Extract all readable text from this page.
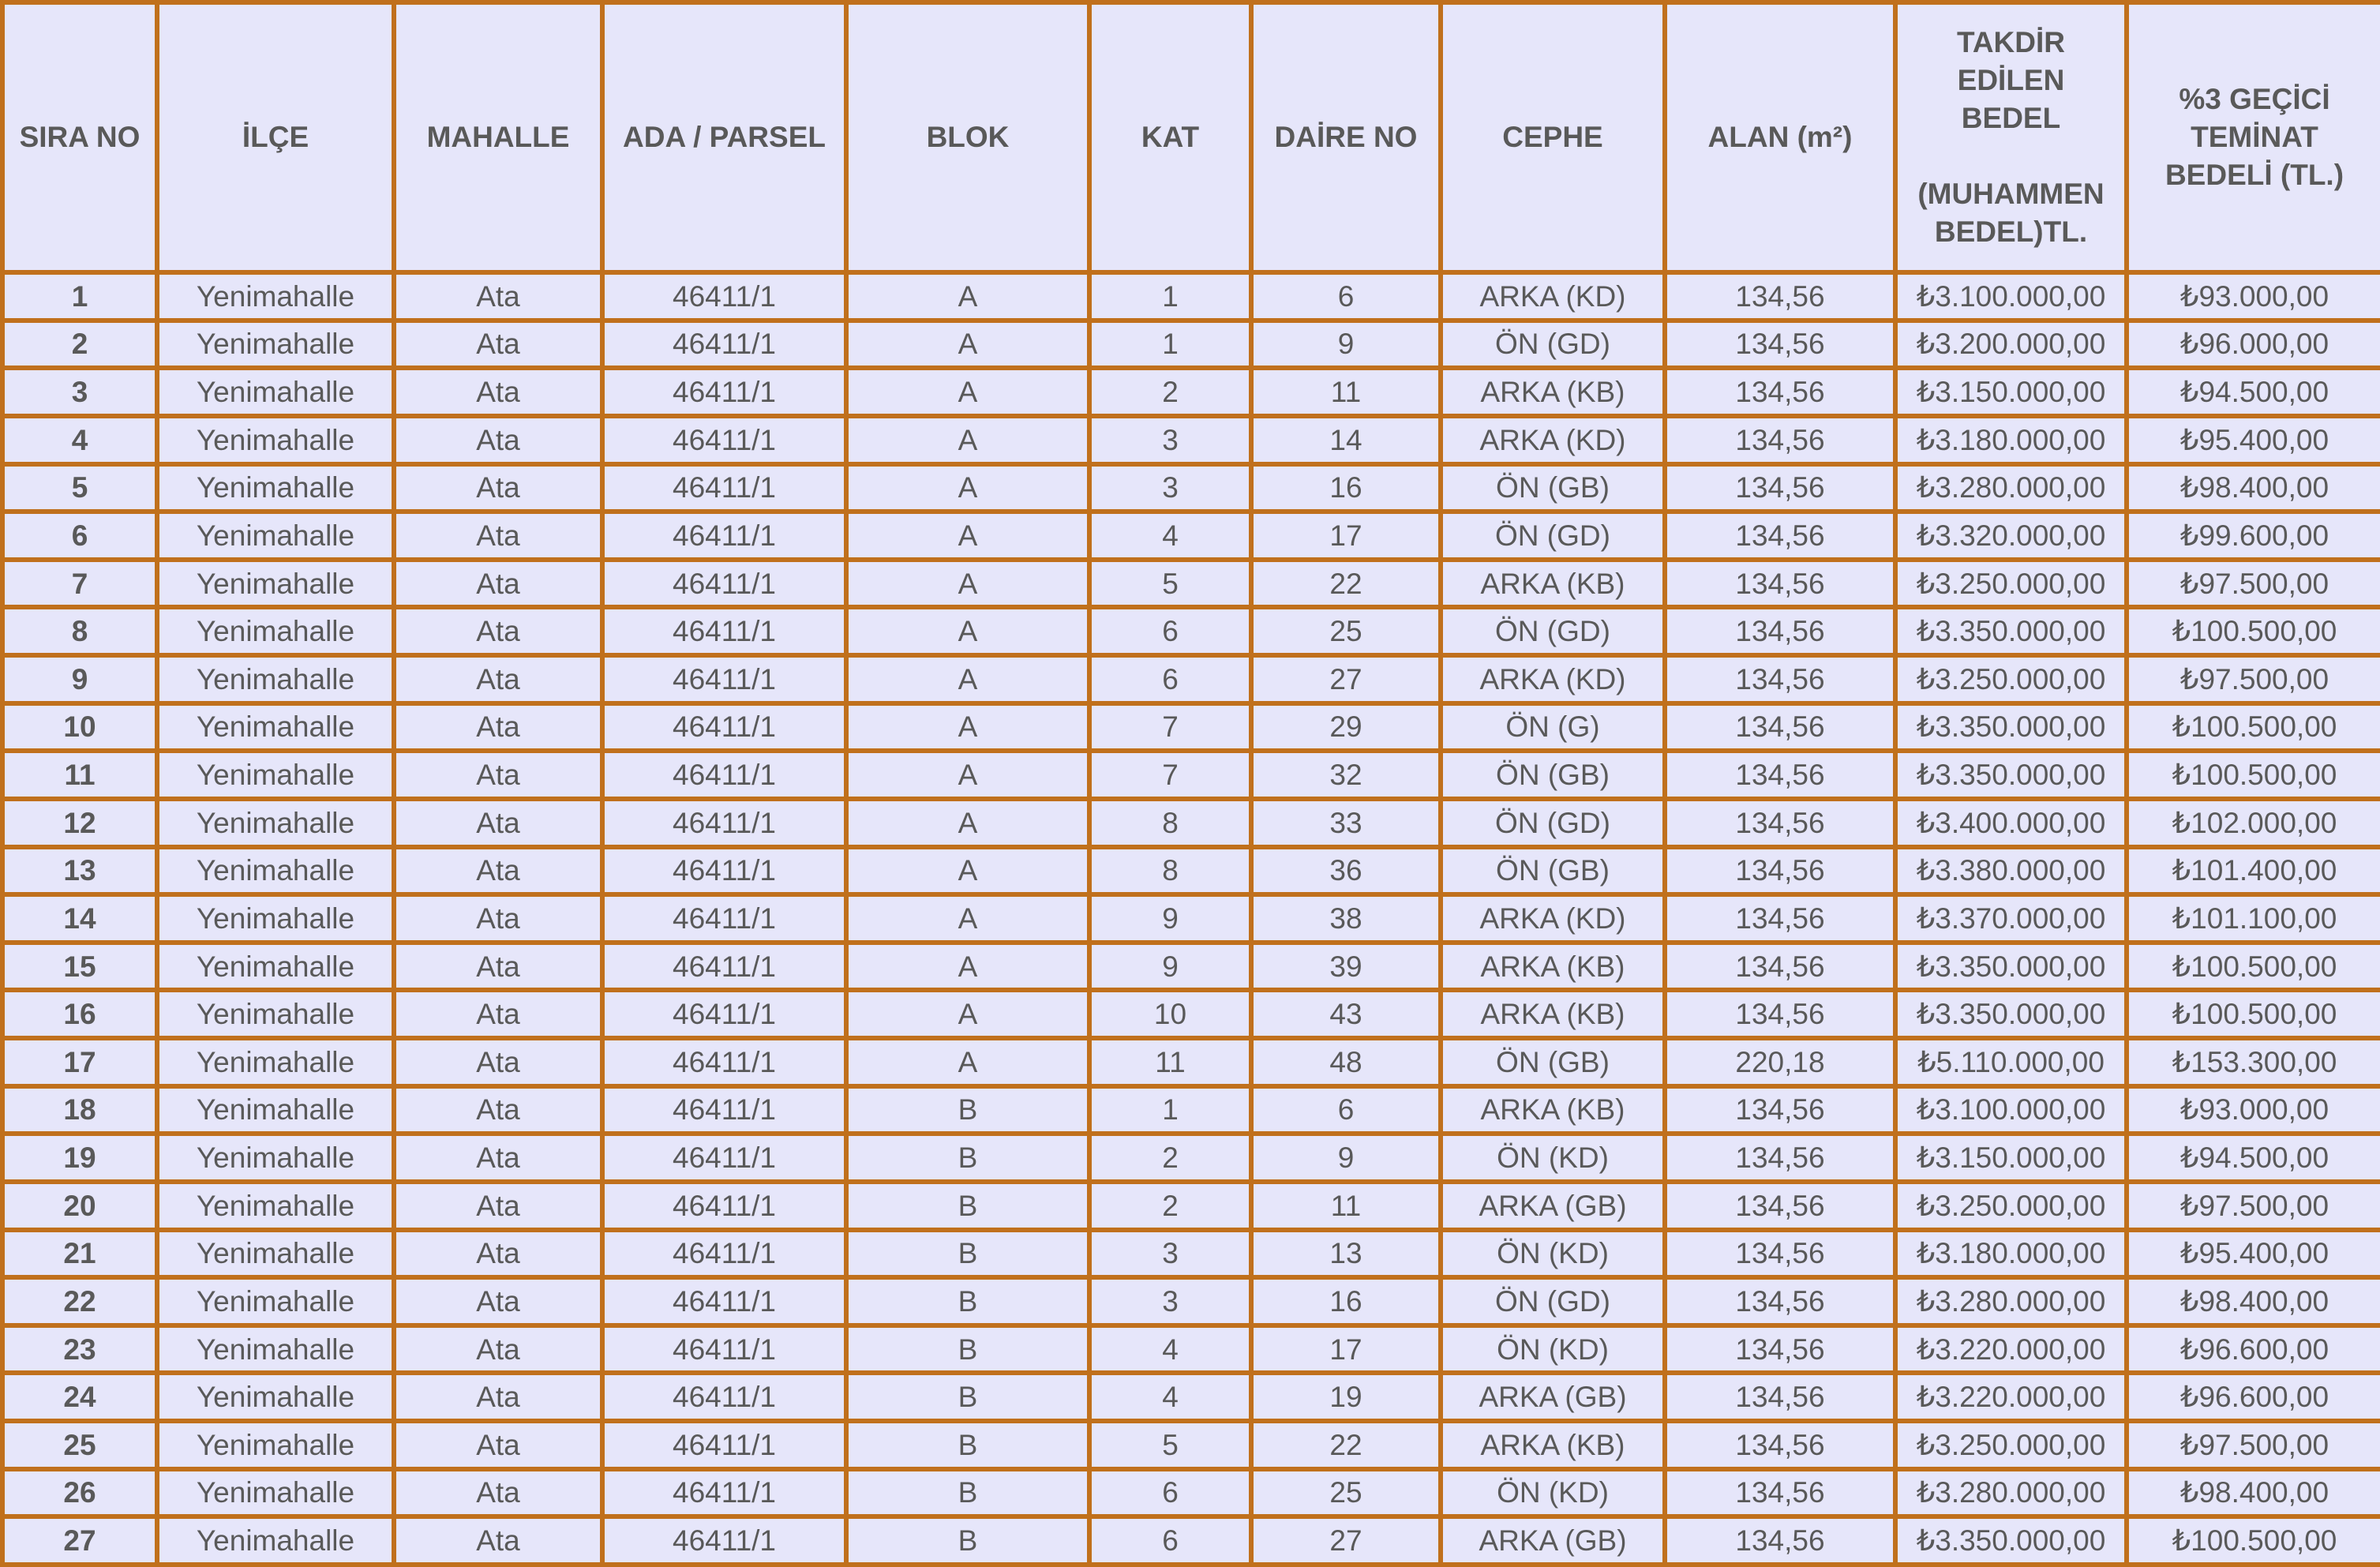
SIRA NO	İLÇE	MAHALLE	ADA / PARSEL	BLOK	KAT	DAİRE NO	CEPHE	ALAN (m²)	TAKDİR
EDİLEN
BEDEL
(MUHAMMEN
BEDEL)TL.	%3 GEÇİCİ
TEMİNAT
BEDELİ (TL.)

1	Yenimahalle	Ata	46411/1	A	1	6	ARKA (KD)	134,56	₺3.100.000,00	₺93.000,00
2	Yenimahalle	Ata	46411/1	A	1	9	ÖN (GD)	134,56	₺3.200.000,00	₺96.000,00
3	Yenimahalle	Ata	46411/1	A	2	11	ARKA (KB)	134,56	₺3.150.000,00	₺94.500,00
4	Yenimahalle	Ata	46411/1	A	3	14	ARKA (KD)	134,56	₺3.180.000,00	₺95.400,00
5	Yenimahalle	Ata	46411/1	A	3	16	ÖN (GB)	134,56	₺3.280.000,00	₺98.400,00
6	Yenimahalle	Ata	46411/1	A	4	17	ÖN (GD)	134,56	₺3.320.000,00	₺99.600,00
7	Yenimahalle	Ata	46411/1	A	5	22	ARKA (KB)	134,56	₺3.250.000,00	₺97.500,00
8	Yenimahalle	Ata	46411/1	A	6	25	ÖN (GD)	134,56	₺3.350.000,00	₺100.500,00
9	Yenimahalle	Ata	46411/1	A	6	27	ARKA (KD)	134,56	₺3.250.000,00	₺97.500,00
10	Yenimahalle	Ata	46411/1	A	7	29	ÖN (G)	134,56	₺3.350.000,00	₺100.500,00
11	Yenimahalle	Ata	46411/1	A	7	32	ÖN (GB)	134,56	₺3.350.000,00	₺100.500,00
12	Yenimahalle	Ata	46411/1	A	8	33	ÖN (GD)	134,56	₺3.400.000,00	₺102.000,00
13	Yenimahalle	Ata	46411/1	A	8	36	ÖN (GB)	134,56	₺3.380.000,00	₺101.400,00
14	Yenimahalle	Ata	46411/1	A	9	38	ARKA (KD)	134,56	₺3.370.000,00	₺101.100,00
15	Yenimahalle	Ata	46411/1	A	9	39	ARKA (KB)	134,56	₺3.350.000,00	₺100.500,00
16	Yenimahalle	Ata	46411/1	A	10	43	ARKA (KB)	134,56	₺3.350.000,00	₺100.500,00
17	Yenimahalle	Ata	46411/1	A	11	48	ÖN (GB)	220,18	₺5.110.000,00	₺153.300,00
18	Yenimahalle	Ata	46411/1	B	1	6	ARKA (KB)	134,56	₺3.100.000,00	₺93.000,00
19	Yenimahalle	Ata	46411/1	B	2	9	ÖN (KD)	134,56	₺3.150.000,00	₺94.500,00
20	Yenimahalle	Ata	46411/1	B	2	11	ARKA (GB)	134,56	₺3.250.000,00	₺97.500,00
21	Yenimahalle	Ata	46411/1	B	3	13	ÖN (KD)	134,56	₺3.180.000,00	₺95.400,00
22	Yenimahalle	Ata	46411/1	B	3	16	ÖN (GD)	134,56	₺3.280.000,00	₺98.400,00
23	Yenimahalle	Ata	46411/1	B	4	17	ÖN (KD)	134,56	₺3.220.000,00	₺96.600,00
24	Yenimahalle	Ata	46411/1	B	4	19	ARKA (GB)	134,56	₺3.220.000,00	₺96.600,00
25	Yenimahalle	Ata	46411/1	B	5	22	ARKA (KB)	134,56	₺3.250.000,00	₺97.500,00
26	Yenimahalle	Ata	46411/1	B	6	25	ÖN (KD)	134,56	₺3.280.000,00	₺98.400,00
27	Yenimahalle	Ata	46411/1	B	6	27	ARKA (GB)	134,56	₺3.350.000,00	₺100.500,00
